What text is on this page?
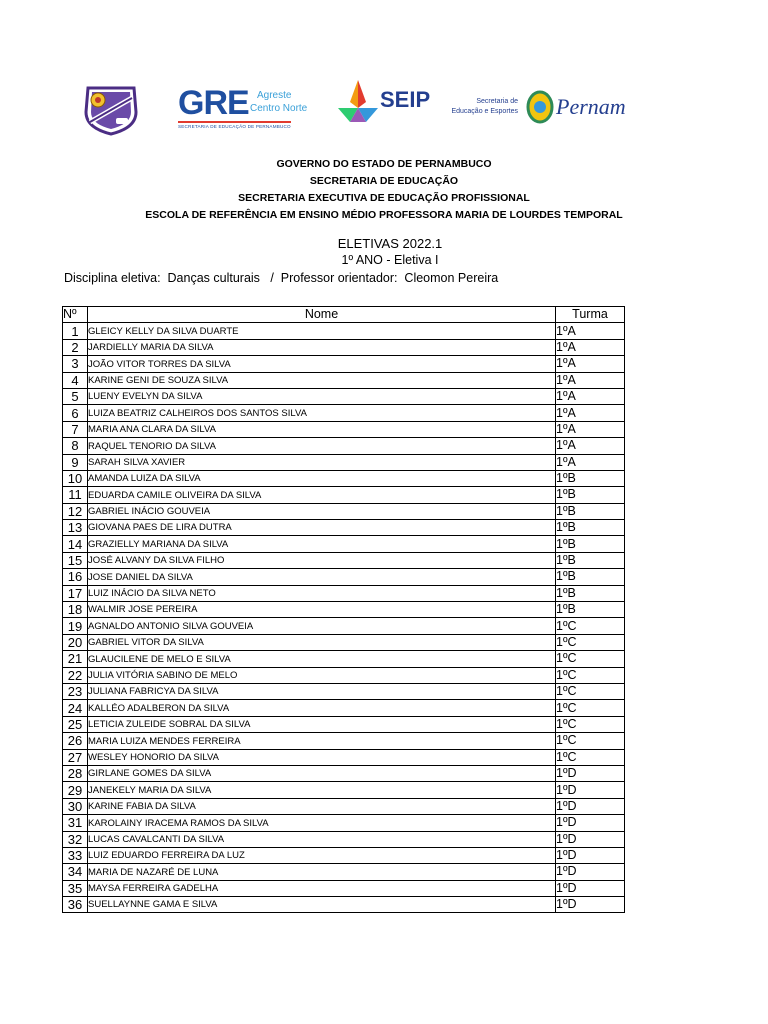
GRE Agreste
Centro Norte
SECRETARIA DE EDUCAÇÃO DE PERNAMBUCO
SEIP	Secretaria de
Educação e Esportes Pernam
GOVERNO DO ESTADO DE PERNAMBUCO
SECRETARIA DE EDUCAÇÃO
SECRETARIA EXECUTIVA DE EDUCAÇÃO PROFISSIONAL
ESCOLA DE REFERÊNCIA EM ENSINO MÉDIO PROFESSORA MARIA DE LOURDES TEMPORAL
ELETIVAS 2022.1
1º ANO - Eletiva I
Disciplina eletiva:  Danças culturais   /  Professor orientador:  Cleomon Pereira
Nº	Nome	Turma
1	GLEICY KELLY DA SILVA DUARTE	1ºA
2	JARDIELLY MARIA DA SILVA	1ºA
3	JOÃO VITOR TORRES DA SILVA	1ºA
4	KARINE GENI DE SOUZA SILVA	1ºA
5	LUENY EVELYN DA SILVA	1ºA
6	LUIZA BEATRIZ CALHEIROS DOS SANTOS SILVA	1ºA
7	MARIA ANA CLARA DA SILVA	1ºA
8	RAQUEL TENORIO DA SILVA	1ºA
9	SARAH SILVA XAVIER	1ºA
10	AMANDA LUIZA DA SILVA	1ºB
11	EDUARDA CAMILE OLIVEIRA DA SILVA	1ºB
12	GABRIEL INÁCIO GOUVEIA	1ºB
13	GIOVANA PAES DE LIRA DUTRA	1ºB
14	GRAZIELLY MARIANA DA SILVA	1ºB
15	JOSÉ ALVANY DA SILVA FILHO	1ºB
16	JOSE DANIEL DA SILVA	1ºB
17	LUIZ INÁCIO DA SILVA NETO	1ºB
18	WALMIR JOSE PEREIRA	1ºB
19	AGNALDO ANTONIO SILVA GOUVEIA	1ºC
20	GABRIEL VITOR DA SILVA	1ºC
21	GLAUCILENE DE MELO E SILVA	1ºC
22	JULIA VITÓRIA SABINO DE MELO	1ºC
23	JULIANA FABRICYA DA SILVA	1ºC
24	KALLÉO ADALBERON DA SILVA	1ºC
25	LETICIA ZULEIDE SOBRAL DA SILVA	1ºC
26	MARIA LUIZA MENDES FERREIRA	1ºC
27	WESLEY HONORIO DA SILVA	1ºC
28	GIRLANE GOMES DA SILVA	1ºD
29	JANEKELY MARIA DA SILVA	1ºD
30	KARINE FABIA DA SILVA	1ºD
31	KAROLAINY IRACEMA RAMOS DA SILVA	1ºD
32	LUCAS CAVALCANTI DA SILVA	1ºD
33	LUIZ EDUARDO FERREIRA DA LUZ	1ºD
34	MARIA DE NAZARÉ DE LUNA	1ºD
35	MAYSA FERREIRA GADELHA	1ºD
36	SUELLAYNNE GAMA E SILVA	1ºD
